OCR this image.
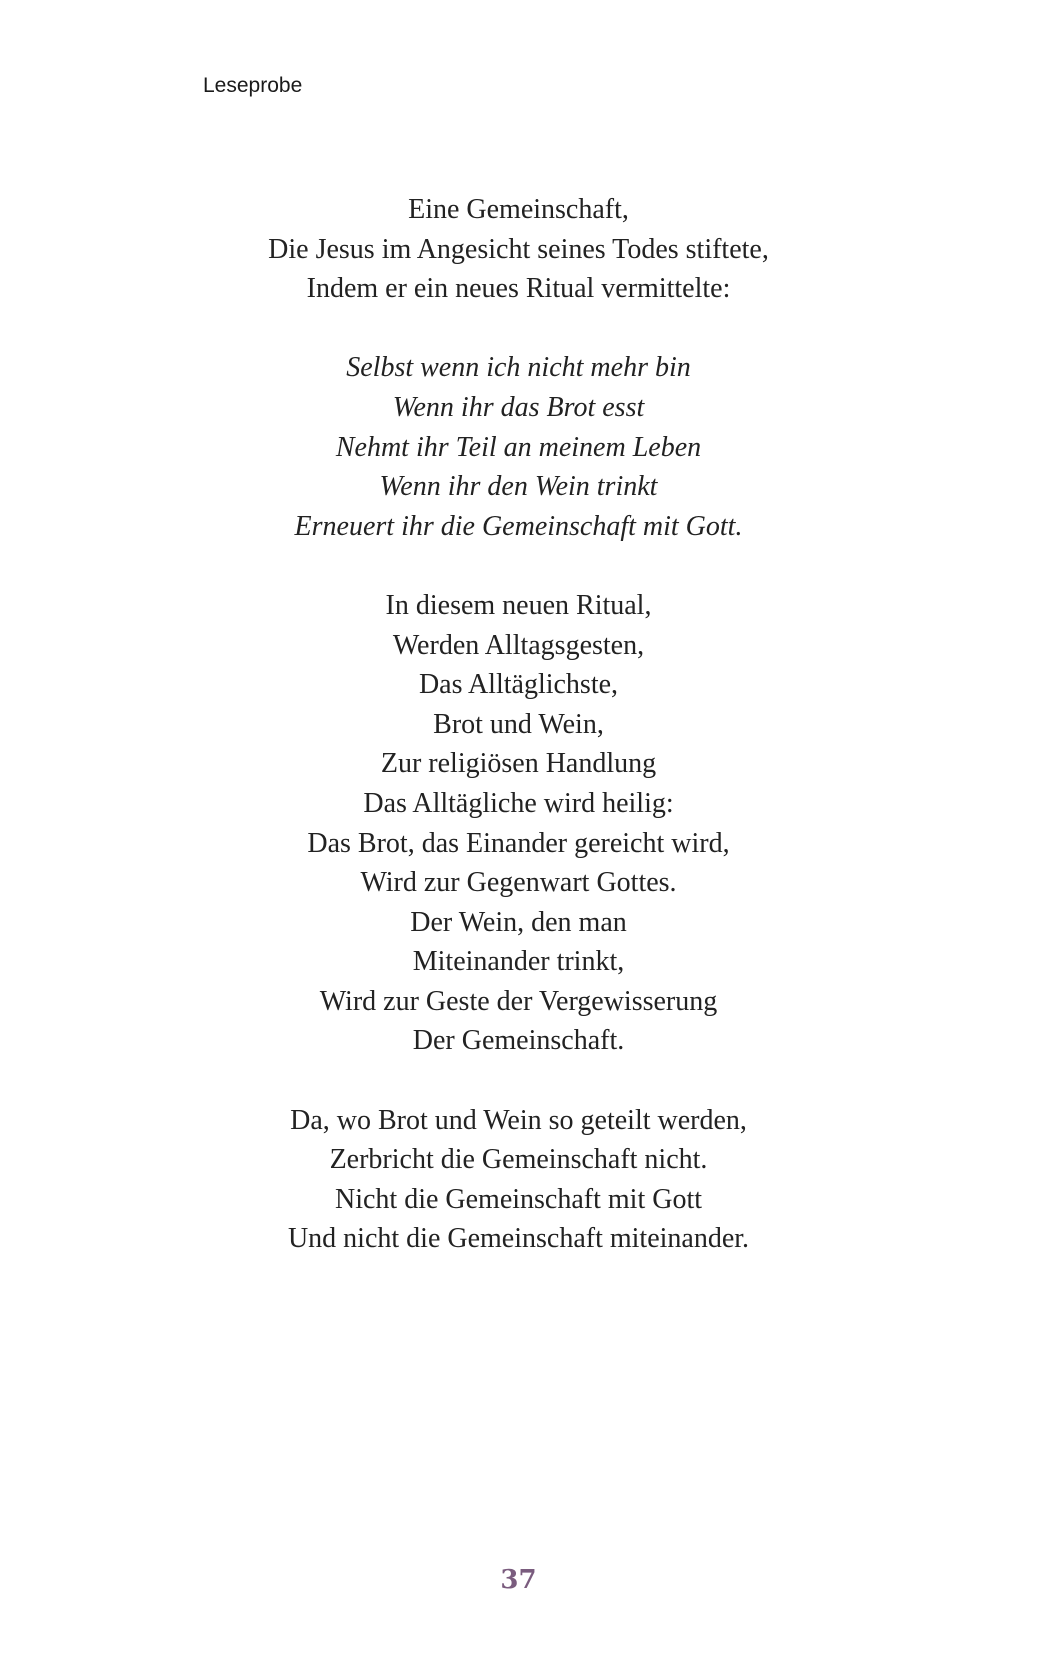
Leseprobe
Eine Gemeinschaft,
Die Jesus im Angesicht seines Todes stiftete,
Indem er ein neues Ritual vermittelte:
Selbst wenn ich nicht mehr bin
Wenn ihr das Brot esst
Nehmt ihr Teil an meinem Leben
Wenn ihr den Wein trinkt
Erneuert ihr die Gemeinschaft mit Gott.
In diesem neuen Ritual,
Werden Alltagsgesten,
Das Alltäglichste,
Brot und Wein,
Zur religiösen Handlung
Das Alltägliche wird heilig:
Das Brot, das Einander gereicht wird,
Wird zur Gegenwart Gottes.
Der Wein, den man
Miteinander trinkt,
Wird zur Geste der Vergewisserung
Der Gemeinschaft.
Da, wo Brot und Wein so geteilt werden,
Zerbricht die Gemeinschaft nicht.
Nicht die Gemeinschaft mit Gott
Und nicht die Gemeinschaft miteinander.
37
